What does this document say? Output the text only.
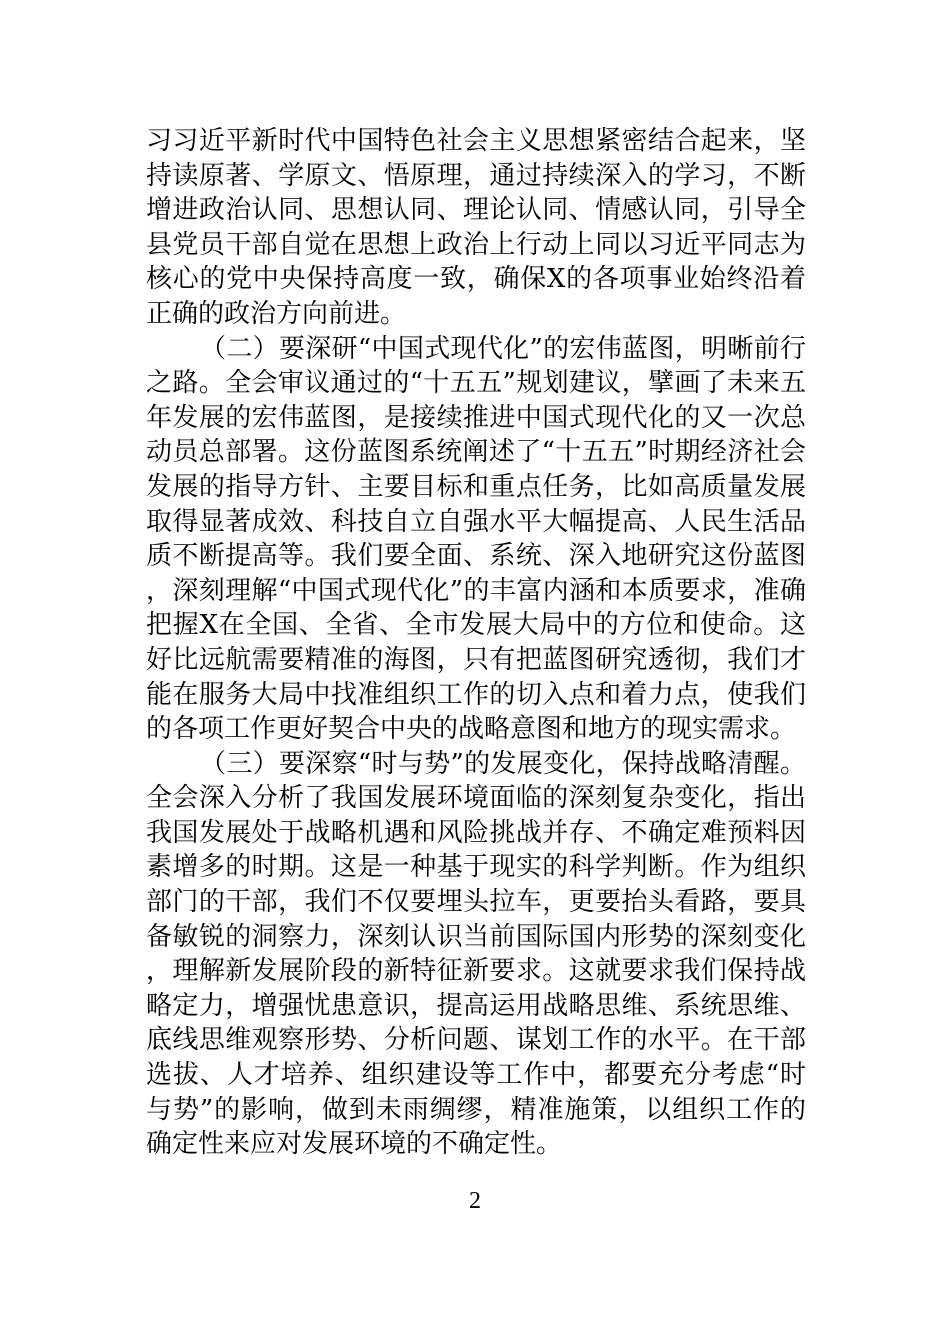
习习近平新时代中国特色社会主义思想紧密结合起来，坚持读原著、学原文、悟原理，通过持续深入的学习，不断增进政治认同、思想认同、理论认同、情感认同，引导全县党员干部自觉在思想上政治上行动上同以习近平同志为核心的党中央保持高度一致，确保X的各项事业始终沿着正确的政治方向前进。

（二）要深研“中国式现代化”的宏伟蓝图，明晰前行之路。全会审议通过的“十五五”规划建议，擘画了未来五年发展的宏伟蓝图，是接续推进中国式现代化的又一次总动员总部署。这份蓝图系统阐述了“十五五”时期经济社会发展的指导方针、主要目标和重点任务，比如高质量发展取得显著成效、科技自立自强水平大幅提高、人民生活品质不断提高等。我们要全面、系统、深入地研究这份蓝图，深刻理解“中国式现代化”的丰富内涵和本质要求，准确把握X在全国、全省、全市发展大局中的方位和使命。这好比远航需要精准的海图，只有把蓝图研究透彻，我们才能在服务大局中找准组织工作的切入点和着力点，使我们的各项工作更好契合中央的战略意图和地方的现实需求。

（三）要深察“时与势”的发展变化，保持战略清醒。全会深入分析了我国发展环境面临的深刻复杂变化，指出我国发展处于战略机遇和风险挑战并存、不确定难预料因素增多的时期。这是一种基于现实的科学判断。作为组织部门的干部，我们不仅要埋头拉车，更要抬头看路，要具备敏锐的洞察力，深刻认识当前国际国内形势的深刻变化，理解新发展阶段的新特征新要求。这就要求我们保持战略定力，增强忧患意识，提高运用战略思维、系统思维、底线思维观察形势、分析问题、谋划工作的水平。在干部选拔、人才培养、组织建设等工作中，都要充分考虑“时与势”的影响，做到未雨绸缪，精准施策，以组织工作的确定性来应对发展环境的不确定性。

2
